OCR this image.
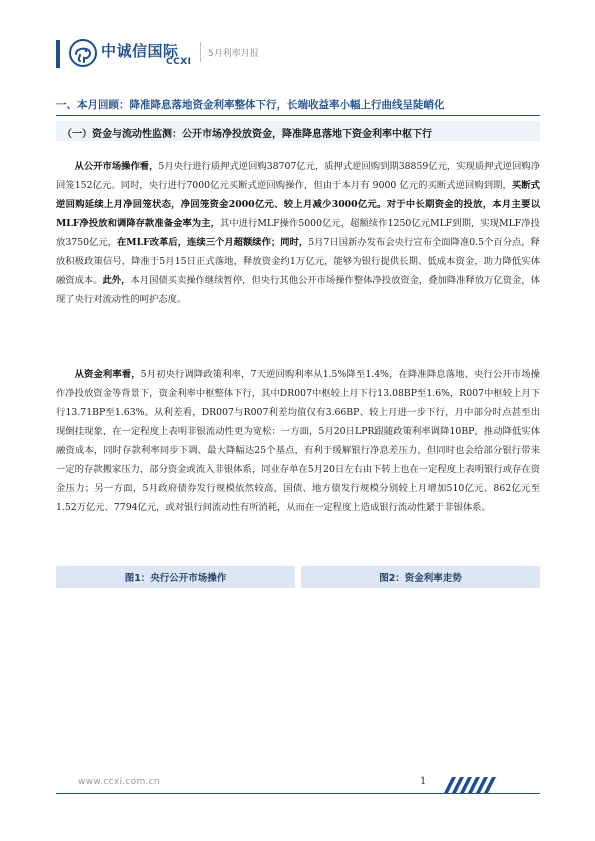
中诚信国际
CCXI
5月利率月报
一、本月回顾：降准降息落地资金利率整体下行，长端收益率小幅上行曲线呈陡峭化
（一）资金与流动性监测：公开市场净投放资金，降准降息落地下资金利率中枢下行

从公开市场操作看，5月央行进行质押式逆回购38707亿元，质押式逆回购到期38859亿元，实现质押式逆回购净回笼152亿元。同时，央行进行7000亿元买断式逆回购操作，但由于本月有 9000 亿元的买断式逆回购到期，买断式逆回购延续上月净回笼状态，净回笼资金2000亿元、较上月减少3000亿元。对于中长期资金的投放，本月主要以MLF净投放和调降存款准备金率为主，其中进行MLF操作5000亿元，超额续作1250亿元MLF到期，实现MLF净投放3750亿元，在MLF改革后，连续三个月超额续作；同时，5月7日国新办发布会央行宣布全面降准0.5个百分点，释放积极政策信号，降准于5月15日正式落地，释放资金约1万亿元，能够为银行提供长期、低成本资金，助力降低实体融资成本。此外，本月国债买卖操作继续暂停，但央行其他公开市场操作整体净投放资金，叠加降准释放万亿资金，体现了央行对流动性的呵护态度。

从资金利率看，5月初央行调降政策利率，7天逆回购利率从1.5%降至1.4%，在降准降息落地、央行公开市场操作净投放资金等背景下，资金利率中枢整体下行，其中DR007中枢较上月下行13.08BP至1.6%，R007中枢较上月下行13.71BP至1.63%。从利差看，DR007与R007利差均值仅有3.66BP、较上月进一步下行，月中部分时点甚至出现倒挂现象，在一定程度上表明非银流动性更为宽松：一方面，5月20日LPR跟随政策利率调降10BP，推动降低实体融资成本，同时存款利率同步下调、最大降幅达25个基点，有利于缓解银行净息差压力，但同时也会给部分银行带来一定的存款搬家压力，部分资金或流入非银体系，同业存单在5月20日左右由下转上也在一定程度上表明银行或存在资金压力；另一方面，5月政府债券发行规模依然较高，国债、地方债发行规模分别较上月增加510亿元、862亿元至1.52万亿元、7794亿元，或对银行间流动性有所消耗，从而在一定程度上造成银行流动性紧于非银体系。

图1：央行公开市场操作	图2：资金利率走势
www.ccxi.com.cn	1
